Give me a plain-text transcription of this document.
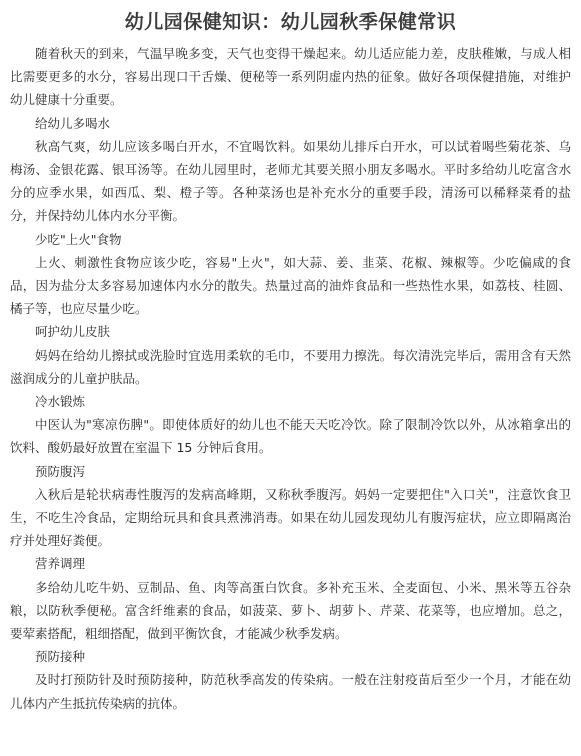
幼儿园保健知识：幼儿园秋季保健常识

随着秋天的到来，气温早晚多变，天气也变得干燥起来。幼儿适应能力差，皮肤稚嫩，与成人相比需要更多的水分，容易出现口干舌燥、便秘等一系列阴虚内热的征象。做好各项保健措施，对维护幼儿健康十分重要。

给幼儿多喝水

秋高气爽，幼儿应该多喝白开水，不宜喝饮料。如果幼儿排斥白开水，可以试着喝些菊花茶、乌梅汤、金银花露、银耳汤等。在幼儿园里时，老师尤其要关照小朋友多喝水。平时多给幼儿吃富含水分的应季水果，如西瓜、梨、橙子等。各种菜汤也是补充水分的重要手段，清汤可以稀释菜肴的盐分，并保持幼儿体内水分平衡。

少吃"上火"食物

上火、刺激性食物应该少吃，容易"上火"，如大蒜、姜、韭菜、花椒、辣椒等。少吃偏咸的食品，因为盐分太多容易加速体内水分的散失。热量过高的油炸食品和一些热性水果，如荔枝、桂圆、橘子等，也应尽量少吃。

呵护幼儿皮肤

妈妈在给幼儿擦拭或洗脸时宜选用柔软的毛巾，不要用力擦洗。每次清洗完毕后，需用含有天然滋润成分的儿童护肤品。

冷水锻炼

中医认为"寒凉伤脾"。即使体质好的幼儿也不能天天吃冷饮。除了限制冷饮以外，从冰箱拿出的饮料、酸奶最好放置在室温下 15 分钟后食用。

预防腹泻

入秋后是轮状病毒性腹泻的发病高峰期，又称秋季腹泻。妈妈一定要把住"入口关"，注意饮食卫生，不吃生冷食品，定期给玩具和食具煮沸消毒。如果在幼儿园发现幼儿有腹泻症状，应立即隔离治疗并处理好粪便。

营养调理

多给幼儿吃牛奶、豆制品、鱼、肉等高蛋白饮食。多补充玉米、全麦面包、小米、黑米等五谷杂粮，以防秋季便秘。富含纤维素的食品，如菠菜、萝卜、胡萝卜、芹菜、花菜等，也应增加。总之，要荤素搭配，粗细搭配，做到平衡饮食，才能减少秋季发病。

预防接种

及时打预防针及时预防接种，防范秋季高发的传染病。一般在注射疫苗后至少一个月，才能在幼儿体内产生抵抗传染病的抗体。
